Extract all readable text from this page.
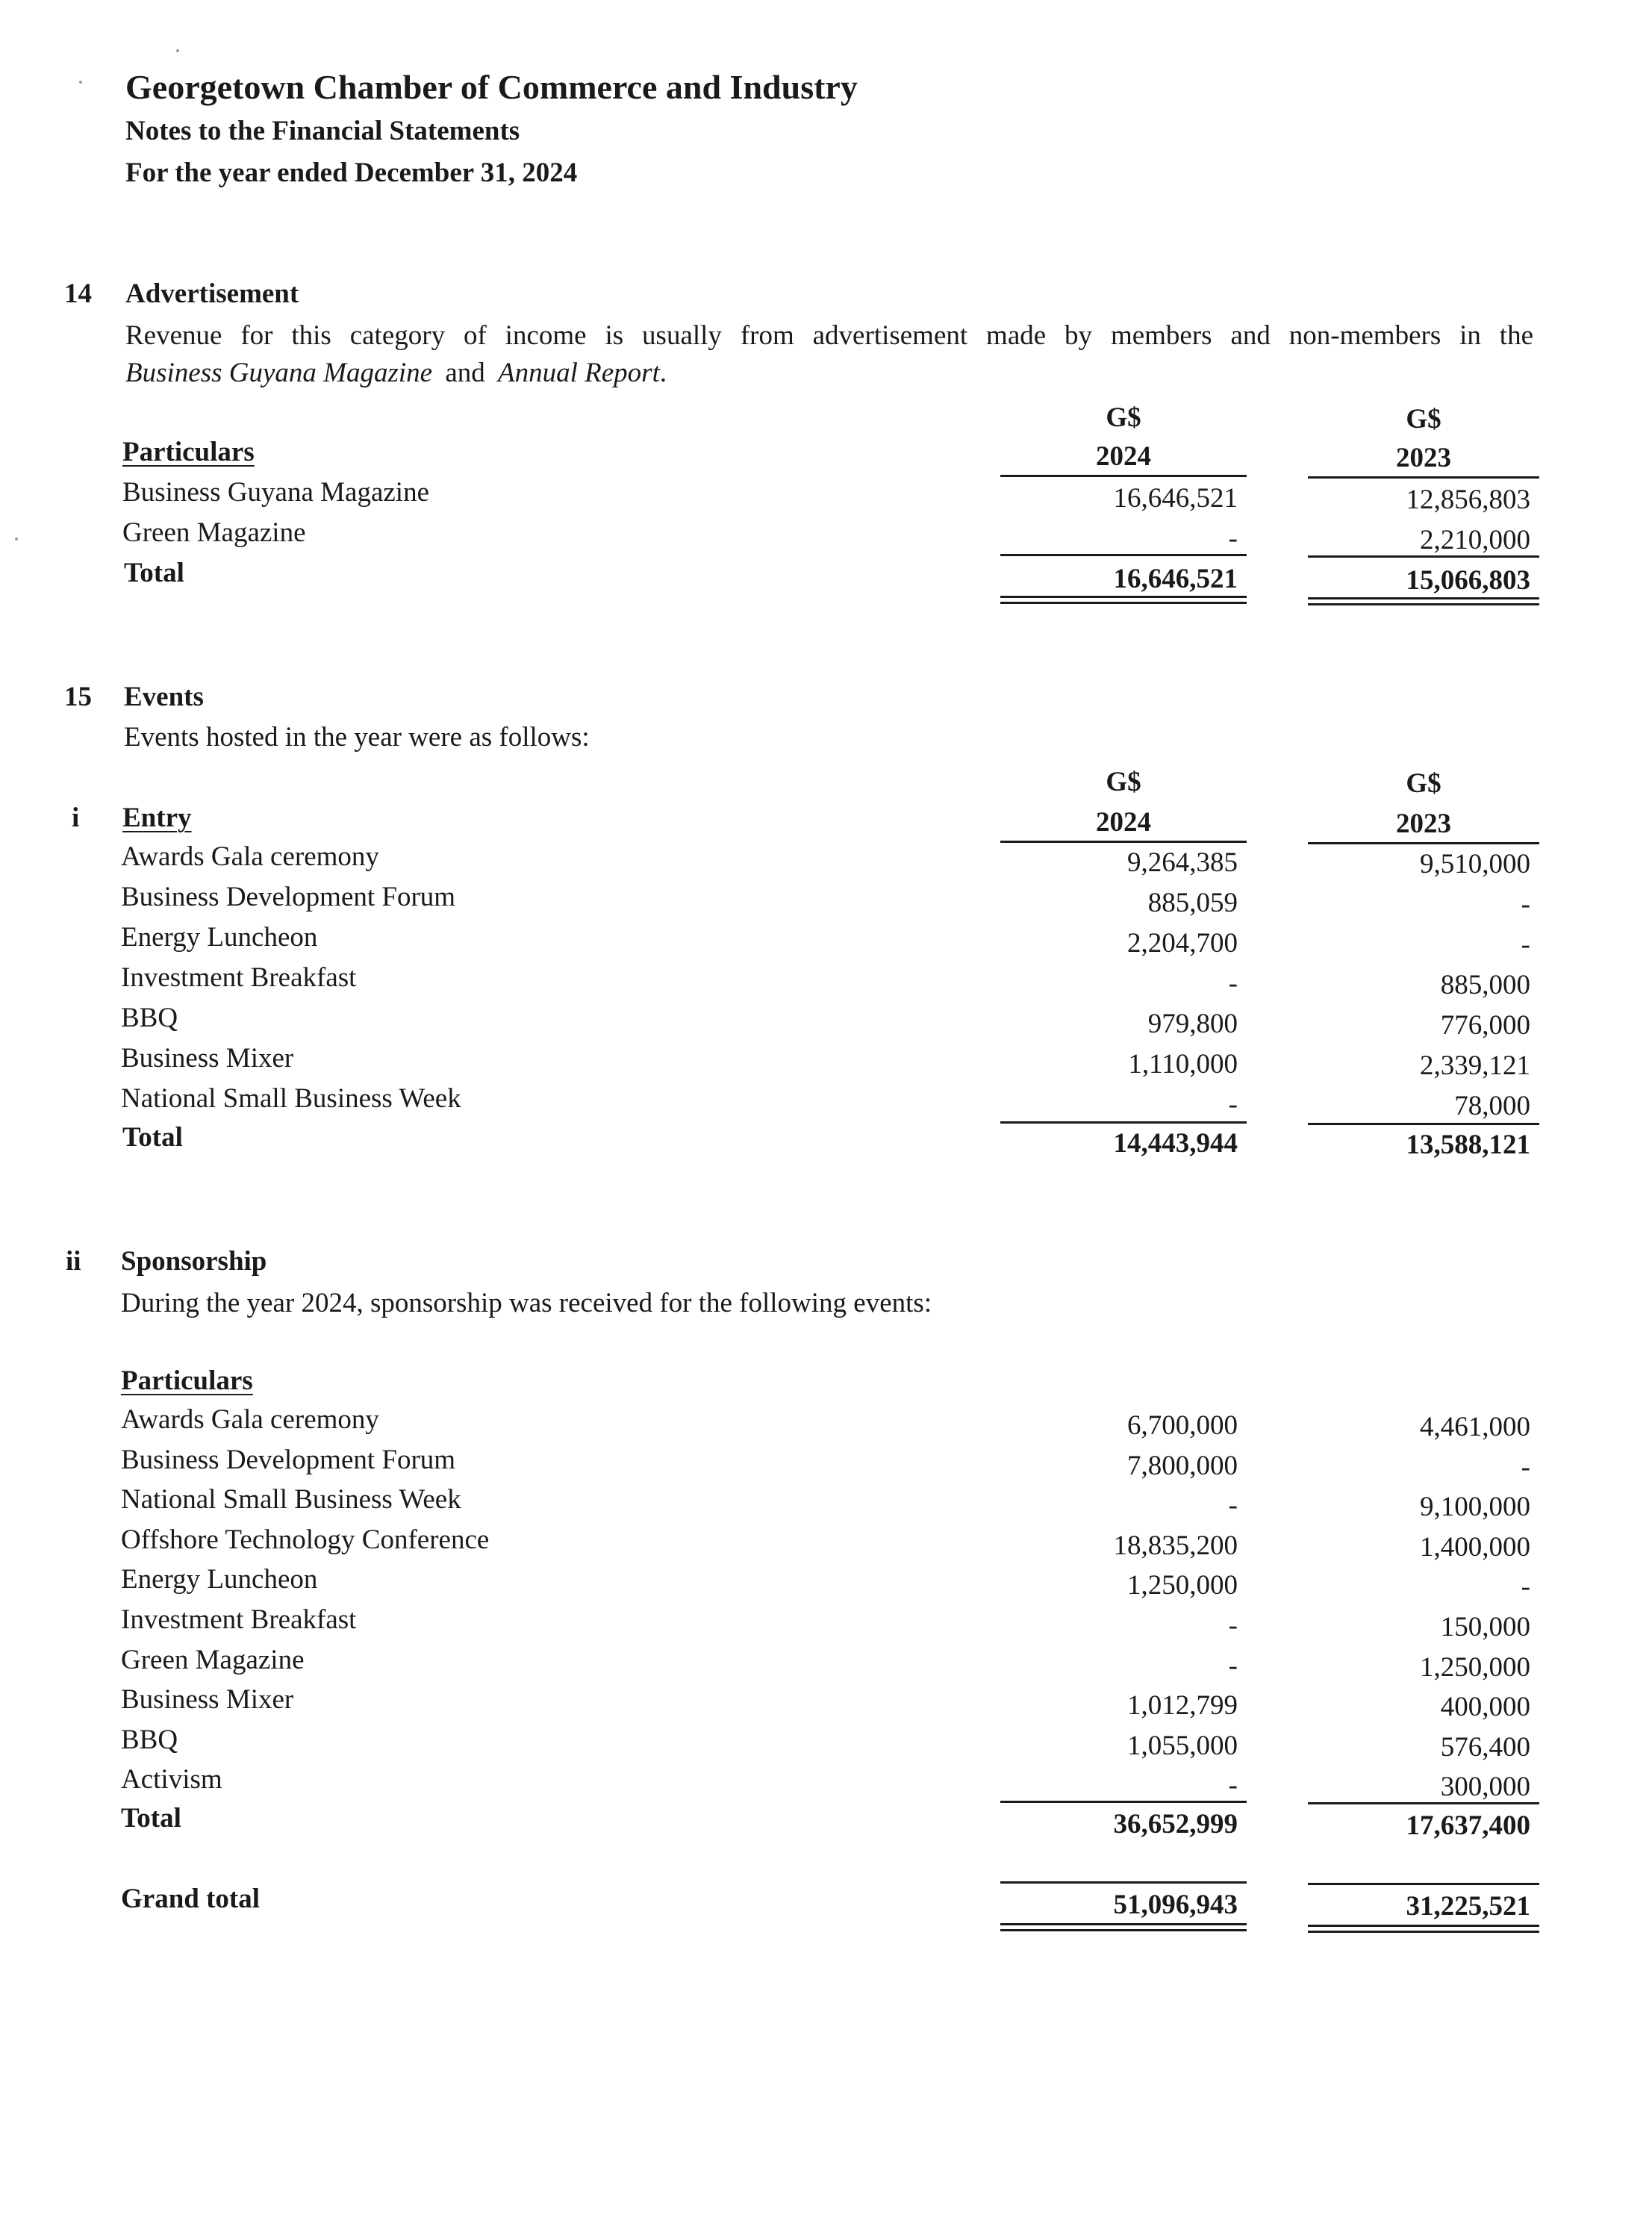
Georgetown Chamber of Commerce and Industry
Notes to the Financial Statements
For the year ended December 31, 2024
14 Advertisement
Revenue for this category of income is usually from advertisement made by members and non-members in the
Business Guyana Magazine and Annual Report.
G$	G$
Particulars	2024	2023
Business Guyana Magazine	16,646,521	12,856,803
Green Magazine	-	2,210,000
Total	16,646,521	15,066,803
15 Events
Events hosted in the year were as follows:
G$	G$
i Entry	2024	2023
Awards Gala ceremony	9,264,385	9,510,000
Business Development Forum	885,059	-
Energy Luncheon	2,204,700	-
Investment Breakfast	-	885,000
BBQ	979,800	776,000
Business Mixer	1,110,000	2,339,121
National Small Business Week	-	78,000
Total	14,443,944	13,588,121
ii Sponsorship
During the year 2024, sponsorship was received for the following events:
Particulars
Awards Gala ceremony	6,700,000	4,461,000
Business Development Forum	7,800,000	-
National Small Business Week	-	9,100,000
Offshore Technology Conference	18,835,200	1,400,000
Energy Luncheon	1,250,000	-
Investment Breakfast	-	150,000
Green Magazine	-	1,250,000
Business Mixer	1,012,799	400,000
BBQ	1,055,000	576,400
Activism	-	300,000
Total	36,652,999	17,637,400
Grand total	51,096,943	31,225,521
